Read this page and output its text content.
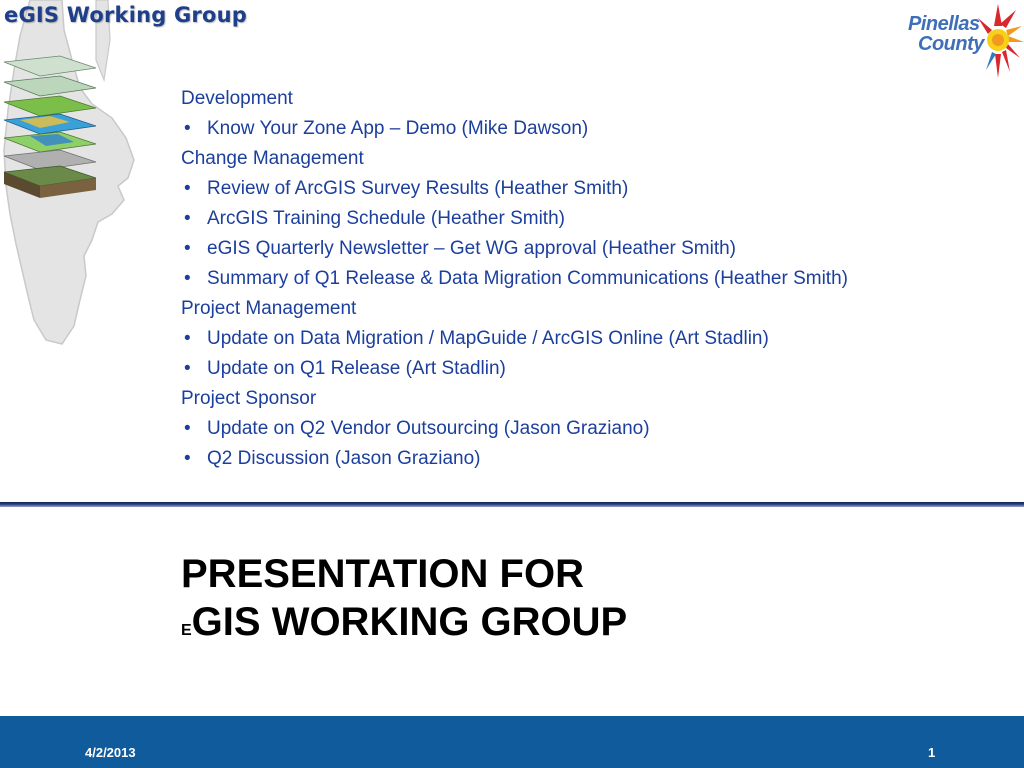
eGIS Working Group	Pinellas
County
Development
• Know Your Zone App – Demo (Mike Dawson)
Change Management
• Review of ArcGIS Survey Results (Heather Smith)
• ArcGIS Training Schedule (Heather Smith)
• eGIS Quarterly Newsletter – Get WG approval (Heather Smith)
• Summary of Q1 Release & Data Migration Communications (Heather Smith)
Project Management
• Update on Data Migration / MapGuide / ArcGIS Online (Art Stadlin)
• Update on Q1 Release (Art Stadlin)
Project Sponsor
• Update on Q2 Vendor Outsourcing (Jason Graziano)
• Q2 Discussion (Jason Graziano)
PRESENTATION FOR
EGIS WORKING GROUP
4/2/2013	1
